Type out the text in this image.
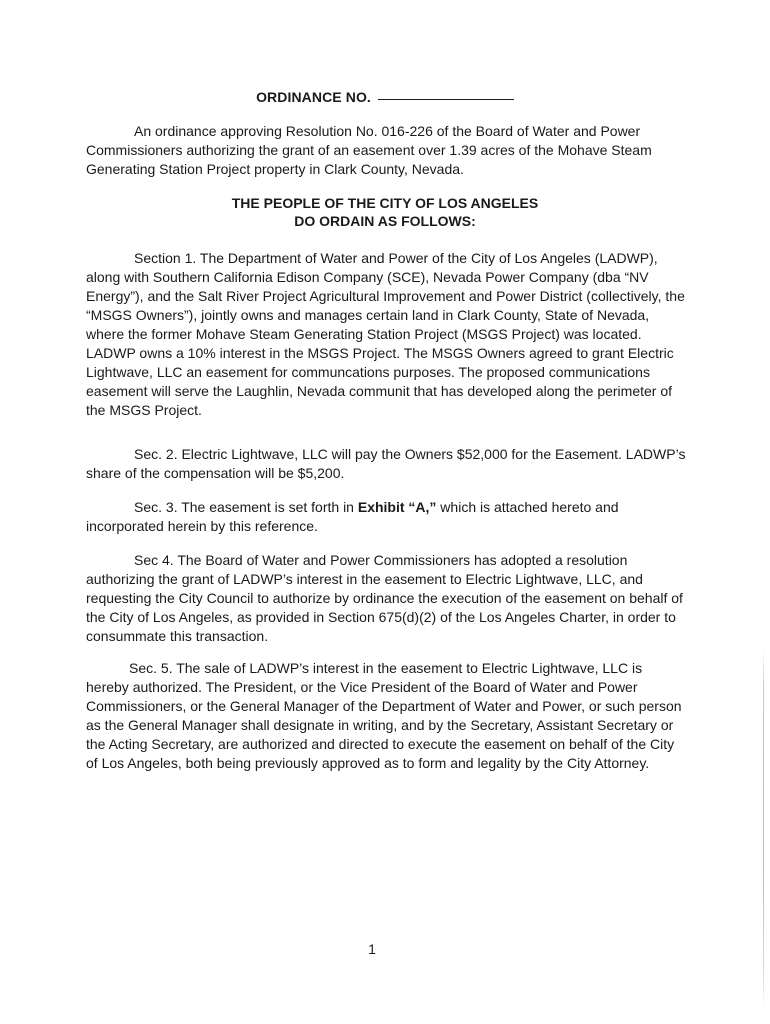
ORDINANCE NO.

An ordinance approving Resolution No. 016-226 of the Board of Water and Power Commissioners authorizing the grant of an easement over 1.39 acres of the Mohave Steam Generating Station Project property in Clark County, Nevada.

THE PEOPLE OF THE CITY OF LOS ANGELES
DO ORDAIN AS FOLLOWS:

Section 1. The Department of Water and Power of the City of Los Angeles (LADWP), along with Southern California Edison Company (SCE), Nevada Power Company (dba “NV Energy”), and the Salt River Project Agricultural Improvement and Power District (collectively, the “MSGS Owners”), jointly owns and manages certain land in Clark County, State of Nevada, where the former Mohave Steam Generating Station Project (MSGS Project) was located. LADWP owns a 10% interest in the MSGS Project. The MSGS Owners agreed to grant Electric Lightwave, LLC an easement for communcations purposes. The proposed communications easement will serve the Laughlin, Nevada communit that has developed along the perimeter of the MSGS Project.

Sec. 2. Electric Lightwave, LLC will pay the Owners $52,000 for the Easement. LADWP’s share of the compensation will be $5,200.

Sec. 3. The easement is set forth in Exhibit “A,” which is attached hereto and incorporated herein by this reference.

Sec 4. The Board of Water and Power Commissioners has adopted a resolution authorizing the grant of LADWP’s interest in the easement to Electric Lightwave, LLC, and requesting the City Council to authorize by ordinance the execution of the easement on behalf of the City of Los Angeles, as provided in Section 675(d)(2) of the Los Angeles Charter, in order to consummate this transaction.

Sec. 5. The sale of LADWP’s interest in the easement to Electric Lightwave, LLC is hereby authorized. The President, or the Vice President of the Board of Water and Power Commissioners, or the General Manager of the Department of Water and Power, or such person as the General Manager shall designate in writing, and by the Secretary, Assistant Secretary or the Acting Secretary, are authorized and directed to execute the easement on behalf of the City of Los Angeles, both being previously approved as to form and legality by the City Attorney.

1
